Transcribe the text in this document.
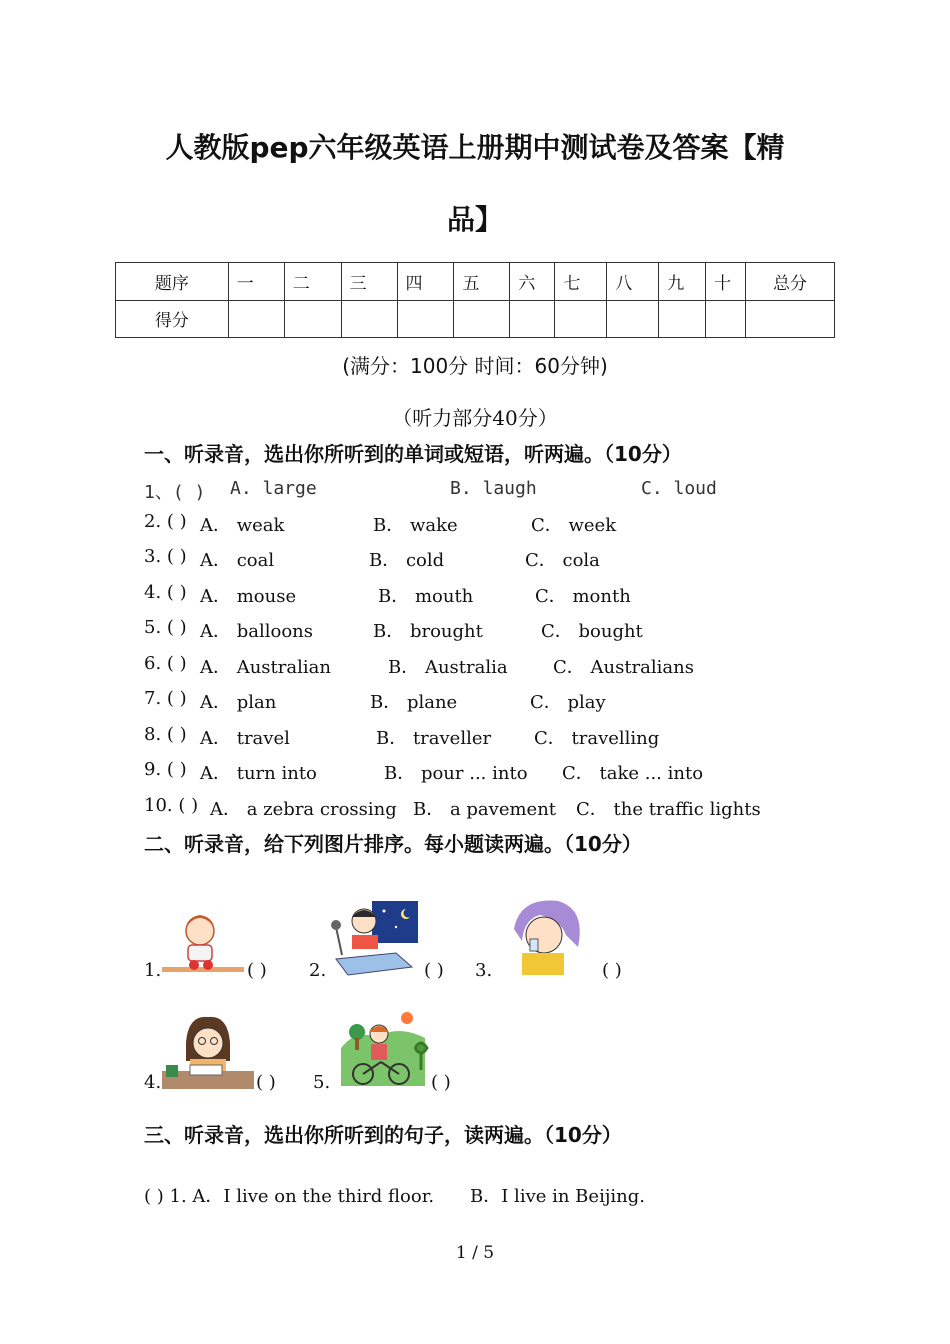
人教版pep六年级英语上册期中测试卷及答案【精
品】
题序	一	二	三	四	五	六	七	八	九	十	总分
得分											
(满分：100分 时间：60分钟)
（听力部分40分）
一、听录音，选出你所听到的单词或短语，听两遍。（10分）
1、( ) A. large	B. laugh	C. loud
2. ( ) A． weak	B． wake	C． week
3. ( ) A． coal	B． cold	C． cola
4. ( ) A． mouse	B． mouth	C． month
5. ( ) A． balloons	B． brought	C． bought
6. ( ) A． Australian	B． Australia	C． Australians
7. ( ) A． plan	B． plane	C． play
8. ( ) A． travel	B． traveller C． travelling
9. ( ) A． turn into	B． pour ... into C． take ... into
10. ( ) A． a zebra crossing B． a pavement C． the traffic lights
二、听录音，给下列图片排序。每小题读两遍。（10分）
1.	( ) 2.	( ) 3.	( )
4.	( ) 5.	( )
三、听录音，选出你所听到的句子，读两遍。（10分）
( ) 1. A．I live on the third floor. B．I live in Beijing.
1 / 5
